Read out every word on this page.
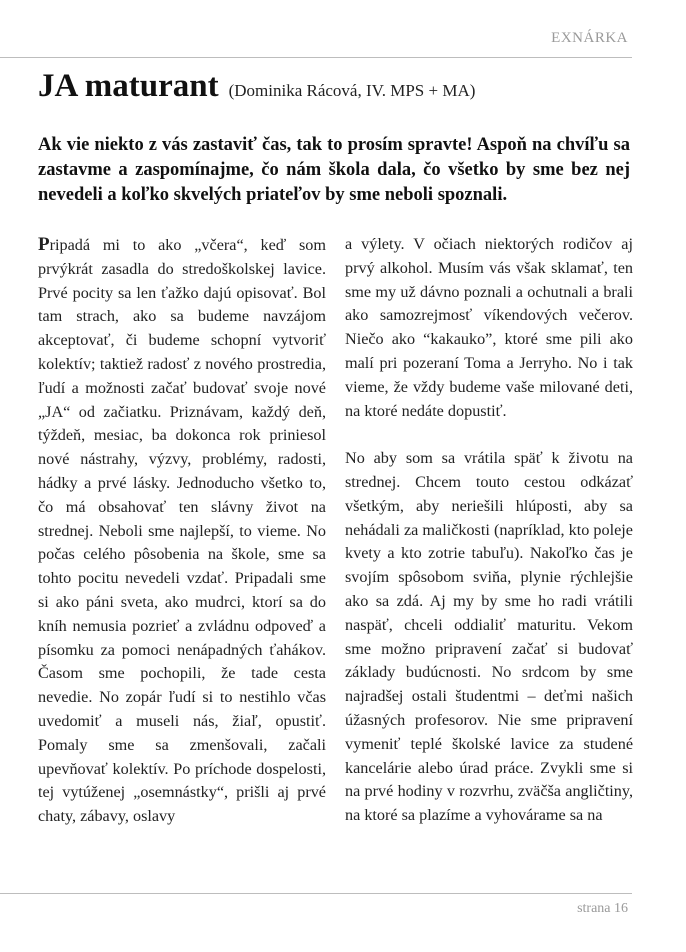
EXNÁRKA
JA maturant (Dominika Rácová, IV. MPS + MA)
Ak vie niekto z vás zastaviť čas, tak to prosím spravte! Aspoň na chvíľu sa zastavme a zaspomínajme, čo nám škola dala, čo všetko by sme bez nej nevedeli a koľko skvelých priateľov by sme neboli spoznali.

Pripadá mi to ako „včera“, keď som prvýkrát zasadla do stredoškolskej lavice. Prvé pocity sa len ťažko dajú opisovať. Bol tam strach, ako sa budeme navzájom akceptovať, či budeme schopní vytvoriť kolektív; taktiež radosť z nového prostredia, ľudí a možnosti začať budovať svoje nové „JA“ od začiatku. Priznávam, každý deň, týždeň, mesiac, ba dokonca rok priniesol nové nástrahy, výzvy, problémy, radosti, hádky a prvé lásky. Jednoducho všetko to, čo má obsahovať ten slávny život na strednej. Neboli sme najlepší, to vieme. No počas celého pôsobenia na škole, sme sa tohto pocitu nevedeli vzdať. Pripadali sme si ako páni sveta, ako mudrci, ktorí sa do kníh nemusia pozrieť a zvládnu odpoveď a písomku za pomoci nenápadných ťahákov. Časom sme pochopili, že tade cesta nevedie. No zopár ľudí si to nestihlo včas uvedomiť a museli nás, žiaľ, opustiť. Pomaly sme sa zmenšovali, začali upevňovať kolektív. Po príchode dospelosti, tej vytúženej „osemnástky“, prišli aj prvé chaty, zábavy, oslavy

a výlety. V očiach niektorých rodičov aj prvý alkohol. Musím vás však sklamať, ten sme my už dávno poznali a ochutnali a brali ako samozrejmosť víkendových večerov. Niečo ako “kakauko”, ktoré sme pili ako malí pri pozeraní Toma a Jerryho. No i tak vieme, že vždy budeme vaše milované deti, na ktoré nedáte dopustiť.

No aby som sa vrátila späť k životu na strednej. Chcem touto cestou odkázať všetkým, aby neriešili hlúposti, aby sa nehádali za maličkosti (napríklad, kto poleje kvety a kto zotrie tabuľu). Nakoľko čas je svojím spôsobom sviňa, plynie rýchlejšie ako sa zdá. Aj my by sme ho radi vrátili naspäť, chceli oddialiť maturitu. Vekom sme možno pripravení začať si budovať základy budúcnosti. No srdcom by sme najradšej ostali študentmi – deťmi našich úžasných profesorov. Nie sme pripravení vymeniť teplé školské lavice za studené kancelárie alebo úrad práce. Zvykli sme si na prvé hodiny v rozvrhu, zväčša angličtiny, na ktoré sa plazíme a vyhovárame sa na

strana 16
